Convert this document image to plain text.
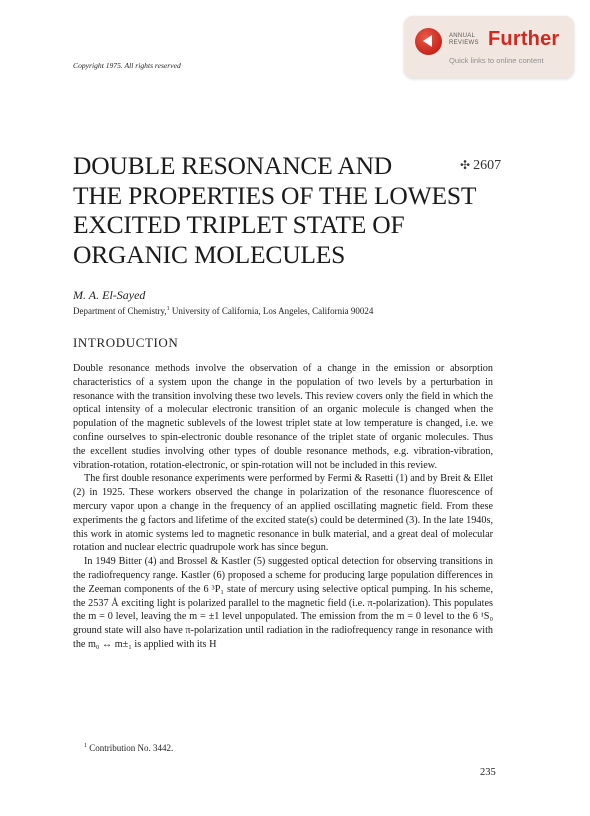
Copyright 1975. All rights reserved
ANNUAL
REVIEWS Further
Quick links to online content
DOUBLE RESONANCE AND
THE PROPERTIES OF THE LOWEST
EXCITED TRIPLET STATE OF
ORGANIC MOLECULES
✣ 2607
M. A. El-Sayed
Department of Chemistry,$^1$ University of California, Los Angeles, California 90024
INTRODUCTION

Double resonance methods involve the observation of a change in the emission or absorption characteristics of a system upon the change in the population of two levels by a perturbation in resonance with the transition involving these two levels. This review covers only the field in which the optical intensity of a molecular electronic transition of an organic molecule is changed when the population of the magnetic sublevels of the lowest triplet state at low temperature is changed, i.e. we confine ourselves to spin-electronic double resonance of the triplet state of organic molecules. Thus the excellent studies involving other types of double resonance methods, e.g. vibration-vibration, vibration-rotation, rotation-electronic, or spin-rotation will not be included in this review.

The first double resonance experiments were performed by Fermi & Rasetti (1) and by Breit & Ellet (2) in 1925. These workers observed the change in polarization of the resonance fluorescence of mercury vapor upon a change in the frequency of an applied oscillating magnetic field. From these experiments the g factors and lifetime of the excited state(s) could be determined (3). In the late 1940s, this work in atomic systems led to magnetic resonance in bulk material, and a great deal of molecular rotation and nuclear electric quadrupole work has since begun.

In 1949 Bitter (4) and Brossel & Kastler (5) suggested optical detection for observing transitions in the radiofrequency range. Kastler (6) proposed a scheme for producing large population differences in the Zeeman components of the 6 ³P₁ state of mercury using selective optical pumping. In his scheme, the 2537 Å exciting light is polarized parallel to the magnetic field (i.e. π-polarization). This populates the m = 0 level, leaving the m = ±1 level unpopulated. The emission from the m = 0 level to the 6 ¹S₀ ground state will also have π-polarization until radiation in the radiofrequency range in resonance with the m₀ ↔ m±₁ is applied with its H

$^1$ Contribution No. 3442.
235
